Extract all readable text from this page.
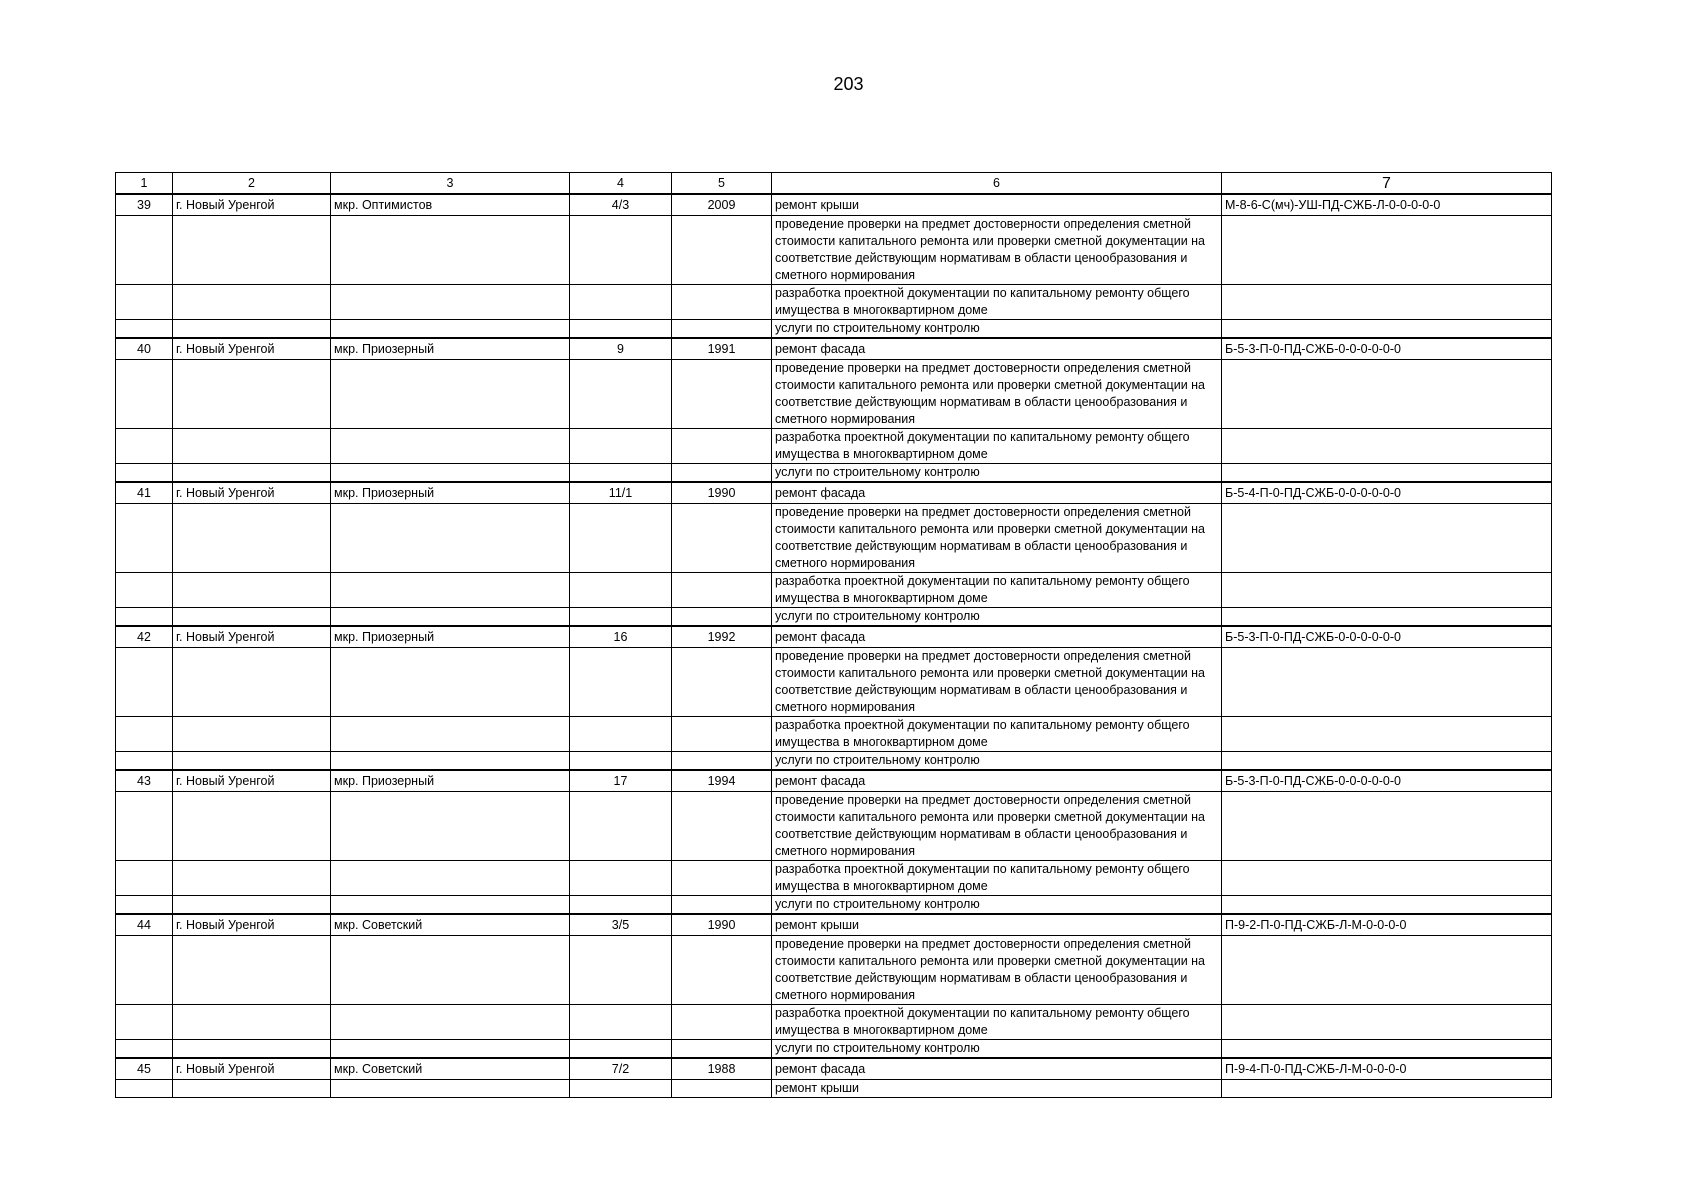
203
1	2	3	4	5	6	7
39	г. Новый Уренгой	мкр. Оптимистов	4/3	2009	ремонт крыши	М-8-6-С(мч)-УШ-ПД-СЖБ-Л-0-0-0-0-0
					проведение проверки на предмет достоверности определения сметной стоимости капитального ремонта или проверки сметной документации на соответствие действующим нормативам в области ценообразования и сметного нормирования	
					разработка проектной документации по капитальному ремонту общего имущества в многоквартирном доме	
					услуги по строительному контролю	
40	г. Новый Уренгой	мкр. Приозерный	9	1991	ремонт фасада	Б-5-3-П-0-ПД-СЖБ-0-0-0-0-0-0
					проведение проверки на предмет достоверности определения сметной стоимости капитального ремонта или проверки сметной документации на соответствие действующим нормативам в области ценообразования и сметного нормирования	
					разработка проектной документации по капитальному ремонту общего имущества в многоквартирном доме	
					услуги по строительному контролю	
41	г. Новый Уренгой	мкр. Приозерный	11/1	1990	ремонт фасада	Б-5-4-П-0-ПД-СЖБ-0-0-0-0-0-0
					проведение проверки на предмет достоверности определения сметной стоимости капитального ремонта или проверки сметной документации на соответствие действующим нормативам в области ценообразования и сметного нормирования	
					разработка проектной документации по капитальному ремонту общего имущества в многоквартирном доме	
					услуги по строительному контролю	
42	г. Новый Уренгой	мкр. Приозерный	16	1992	ремонт фасада	Б-5-3-П-0-ПД-СЖБ-0-0-0-0-0-0
					проведение проверки на предмет достоверности определения сметной стоимости капитального ремонта или проверки сметной документации на соответствие действующим нормативам в области ценообразования и сметного нормирования	
					разработка проектной документации по капитальному ремонту общего имущества в многоквартирном доме	
					услуги по строительному контролю	
43	г. Новый Уренгой	мкр. Приозерный	17	1994	ремонт фасада	Б-5-3-П-0-ПД-СЖБ-0-0-0-0-0-0
					проведение проверки на предмет достоверности определения сметной стоимости капитального ремонта или проверки сметной документации на соответствие действующим нормативам в области ценообразования и сметного нормирования	
					разработка проектной документации по капитальному ремонту общего имущества в многоквартирном доме	
					услуги по строительному контролю	
44	г. Новый Уренгой	мкр. Советский	3/5	1990	ремонт крыши	П-9-2-П-0-ПД-СЖБ-Л-М-0-0-0-0
					проведение проверки на предмет достоверности определения сметной стоимости капитального ремонта или проверки сметной документации на соответствие действующим нормативам в области ценообразования и сметного нормирования	
					разработка проектной документации по капитальному ремонту общего имущества в многоквартирном доме	
					услуги по строительному контролю	
45	г. Новый Уренгой	мкр. Советский	7/2	1988	ремонт фасада	П-9-4-П-0-ПД-СЖБ-Л-М-0-0-0-0
					ремонт крыши	
